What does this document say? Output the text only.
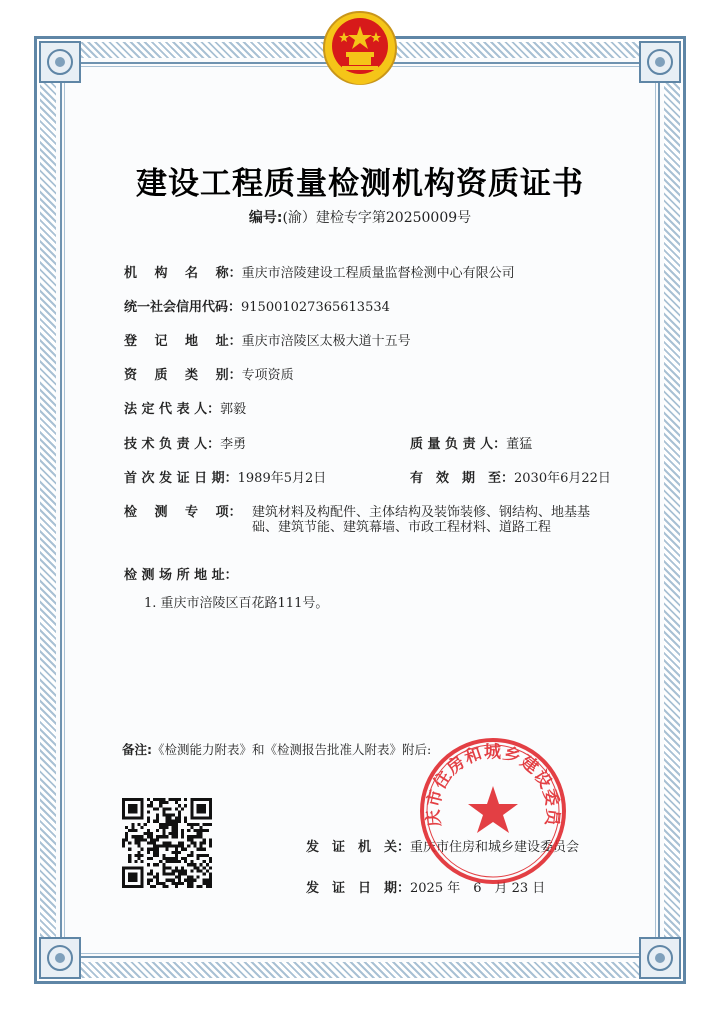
建设工程质量检测机构资质证书
编号:(渝）建检专字第20250009号
机　 构　 名　 称：重庆市涪陵建设工程质量监督检测中心有限公司
统一社会信用代码：915001027365613534
登　 记　 地　 址：重庆市涪陵区太极大道十五号
资　 质　 类　 别：专项资质
法 定 代 表 人：郭毅
技 术 负 责 人：李勇	质 量 负 责 人：董猛
首 次 发 证 日 期：1989年5月2日	有　效　期　至：2030年6月22日
检　 测　 专　 项： 建筑材料及构配件、主体结构及装饰装修、钢结构、地基基础、建筑节能、建筑幕墙、市政工程材料、道路工程
检 测 场 所 地 址：
1. 重庆市涪陵区百花路111号。
备注:《检测能力附表》和《检测报告批准人附表》附后:
发　证　机　关：重庆市住房和城乡建设委员会
发　证　日　期：2025 年　6　月 23 日
庆市住房和城乡建设委员
